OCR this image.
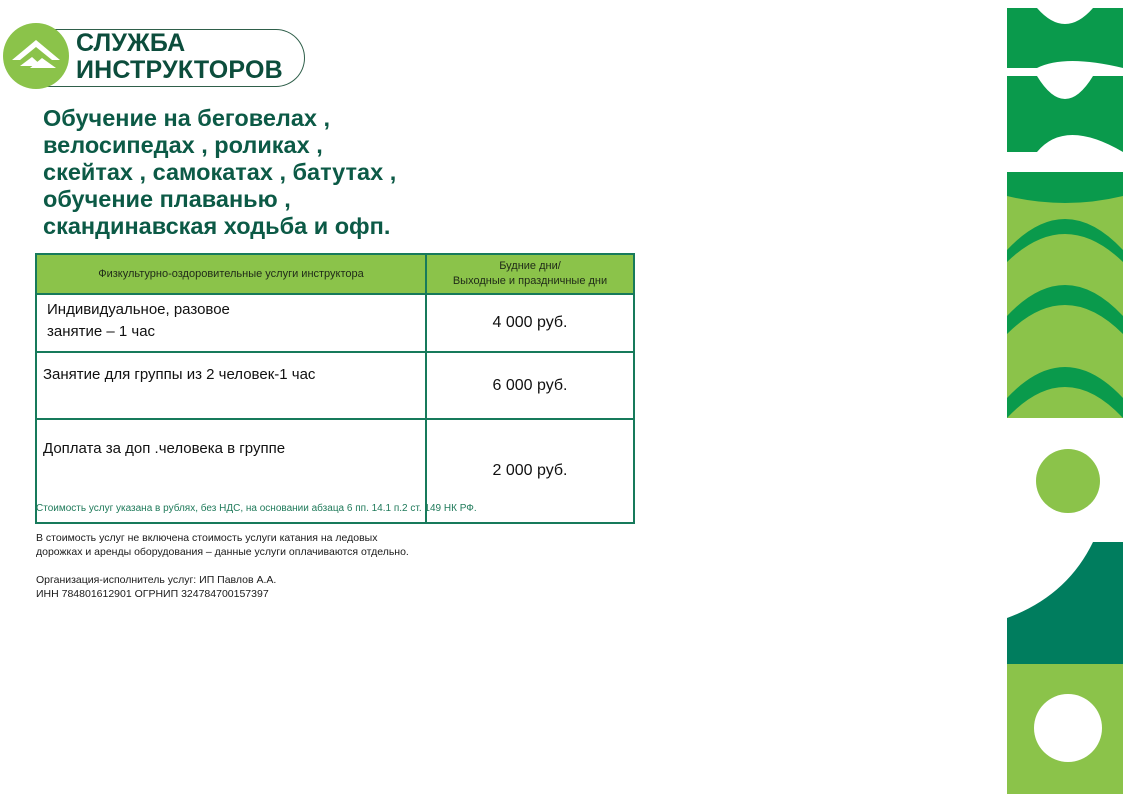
СЛУЖБА
ИНСТРУКТОРОВ
Обучение на беговелах ,
велосипедах , роликах ,
скейтах , самокатах , батутах ,
обучение плаванью ,
скандинавская ходьба и офп.
Физкультурно-оздоровительные услуги инструктора	Будние дни/
Выходные и праздничные дни

Индивидуальное, разовое
занятие – 1 час	4 000 руб.
Занятие для группы из 2 человек-1 час	6 000 руб.
Доплата за доп .человека в группе	2 000 руб.

Стоимость услуг указана в рублях, без НДС, на основании абзаца 6 пп. 14.1 п.2 ст. 149 НК РФ.

В стоимость услуг не включена стоимость услуги катания на ледовых
дорожках и аренды оборудования – данные услуги оплачиваются отдельно.
Организация-исполнитель услуг: ИП Павлов А.А.
ИНН 784801612901 ОГРНИП 324784700157397
